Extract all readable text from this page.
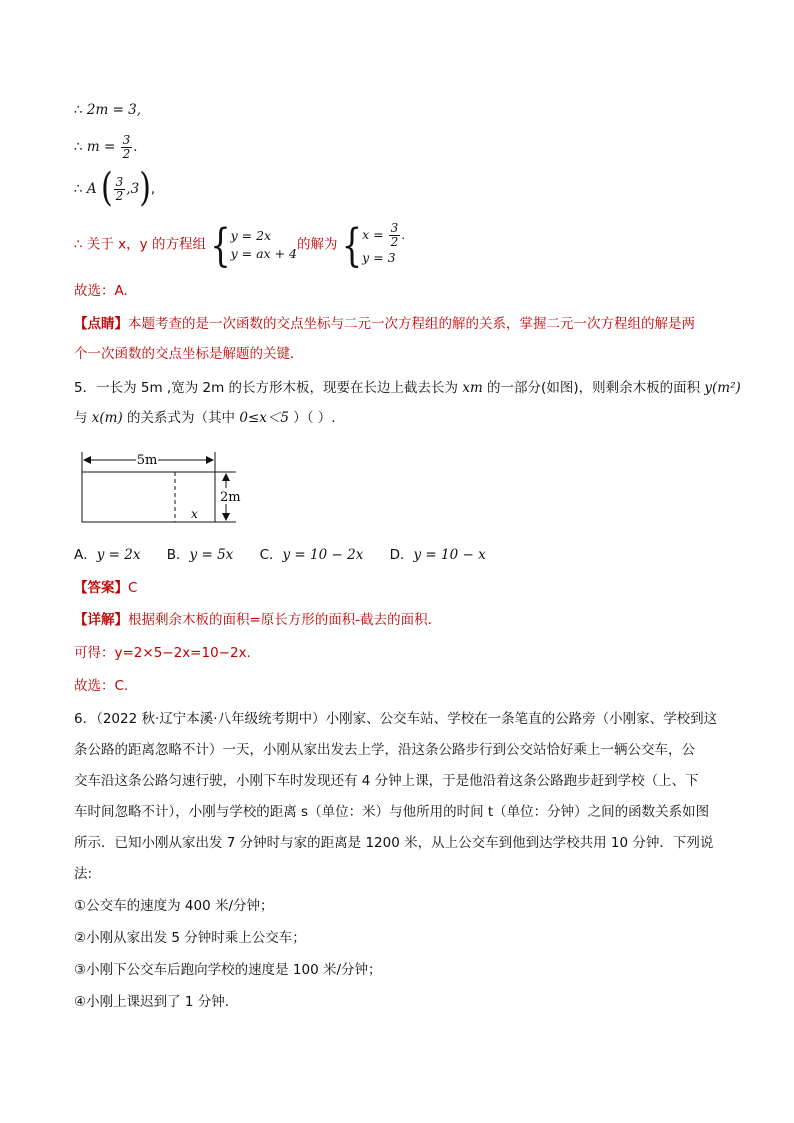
∴ 2m = 3,
∴ $m = \frac{3}{2}$ .
∴ A ( $\frac{3}{2} ,3$),
∴ 关于 x，y 的方程组 { y = 2x
y = ax + 4
的解为 { $x = \frac{3}{2}$ .
y = 3
故选：A.
【点睛】本题考查的是一次函数的交点坐标与二元一次方程组的解的关系，掌握二元一次方程组的解是两
个一次函数的交点坐标是解题的关键．
5．一长为 5m ,宽为 2m 的长方形木板，现要在长边上截去长为 xm 的一部分(如图)，则剩余木板的面积 y(m²)
与 x(m) 的关系式为（其中 0≤x＜5 ）（ ）.
5m
x
2m
A．y = 2x B．y = 5x C．y = 10 − 2x D．y = 10 − x
【答案】C
【详解】根据剩余木板的面积=原长方形的面积-截去的面积．
可得：y=2×5−2x=10−2x.
故选：C.
6．（2022 秋·辽宁本溪·八年级统考期中）小刚家、公交车站、学校在一条笔直的公路旁（小刚家、学校到这
条公路的距离忽略不计）一天，小刚从家出发去上学，沿这条公路步行到公交站恰好乘上一辆公交车，公
交车沿这条公路匀速行驶，小刚下车时发现还有 4 分钟上课，于是他沿着这条公路跑步赶到学校（上、下
车时间忽略不计），小刚与学校的距离 s（单位：米）与他所用的时间 t（单位：分钟）之间的函数关系如图
所示．已知小刚从家出发 7 分钟时与家的距离是 1200 米，从上公交车到他到达学校共用 10 分钟．下列说
法:
①公交车的速度为 400 米/分钟；
②小刚从家出发 5 分钟时乘上公交车；
③小刚下公交车后跑向学校的速度是 100 米/分钟；
④小刚上课迟到了 1 分钟．
